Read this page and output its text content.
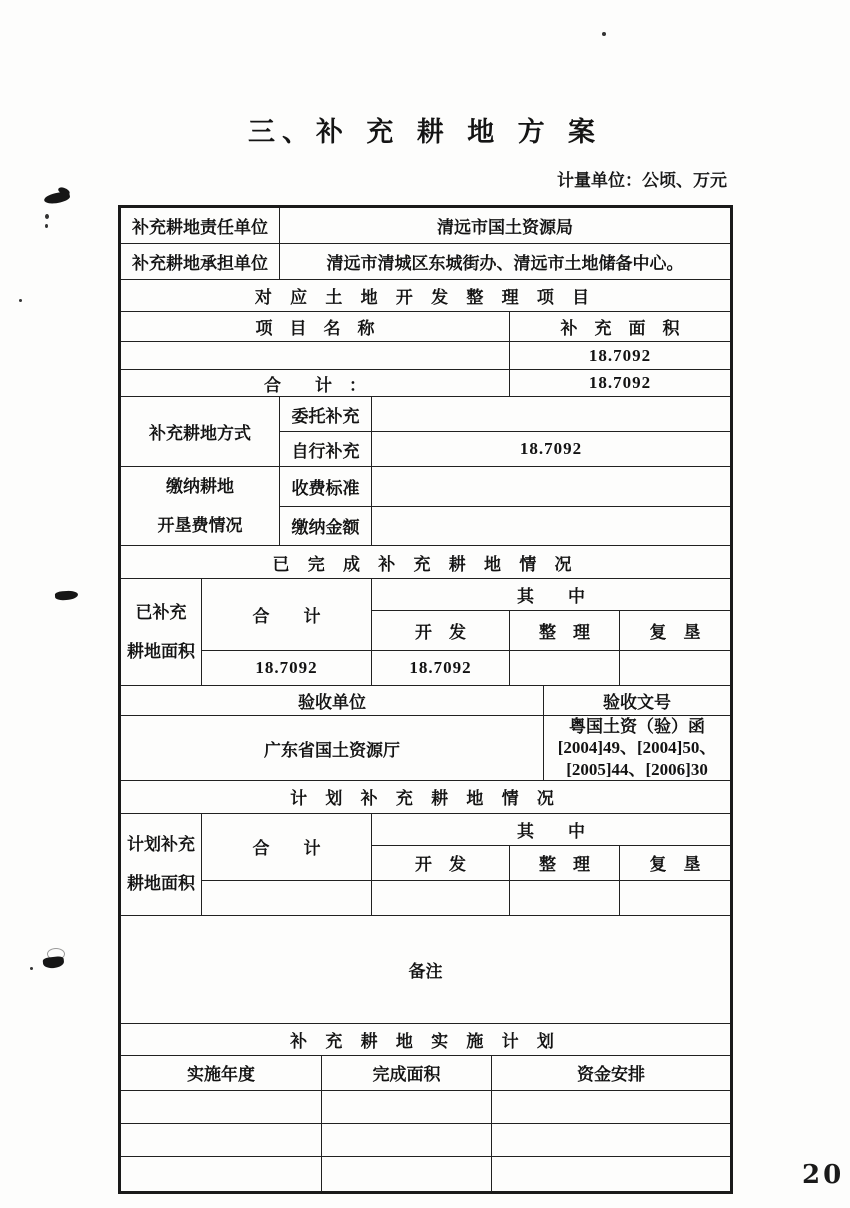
三、补 充 耕 地 方 案
计量单位：公顷、万元
补充耕地责任单位		清远市国土资源局						
补充耕地承担单位		清远市清城区东城街办、清远市土地储备中心。						
对 应 土 地 开 发 整 理 项 目								
项　目　名　称						补　充　面　积		
						18.7092		
合　　计　：						18.7092		
补充耕地方式		委托补充						
		自行补充		18.7092				

缴纳耕地
开垦费情况		收费标准						
		缴纳金额						
已 完 成 补 充 耕 地 情 况								

已补充
耕地面积	合　　计			其　　中				
				开　发		整　理		复　垦
	18.7092			18.7092				
验收单位							验收文号	
广东省国土资源厅							粤国土资（验）函[2004]49、[2004]50、[2005]44、[2006]30	
计 划 补 充 耕 地 情 况								

计划补充
耕地面积	合　　计			其　　中				
				开　发		整　理		复　垦

备注								
补 充 耕 地 实 施 计 划								
实施年度			完成面积		资金安排			

20
